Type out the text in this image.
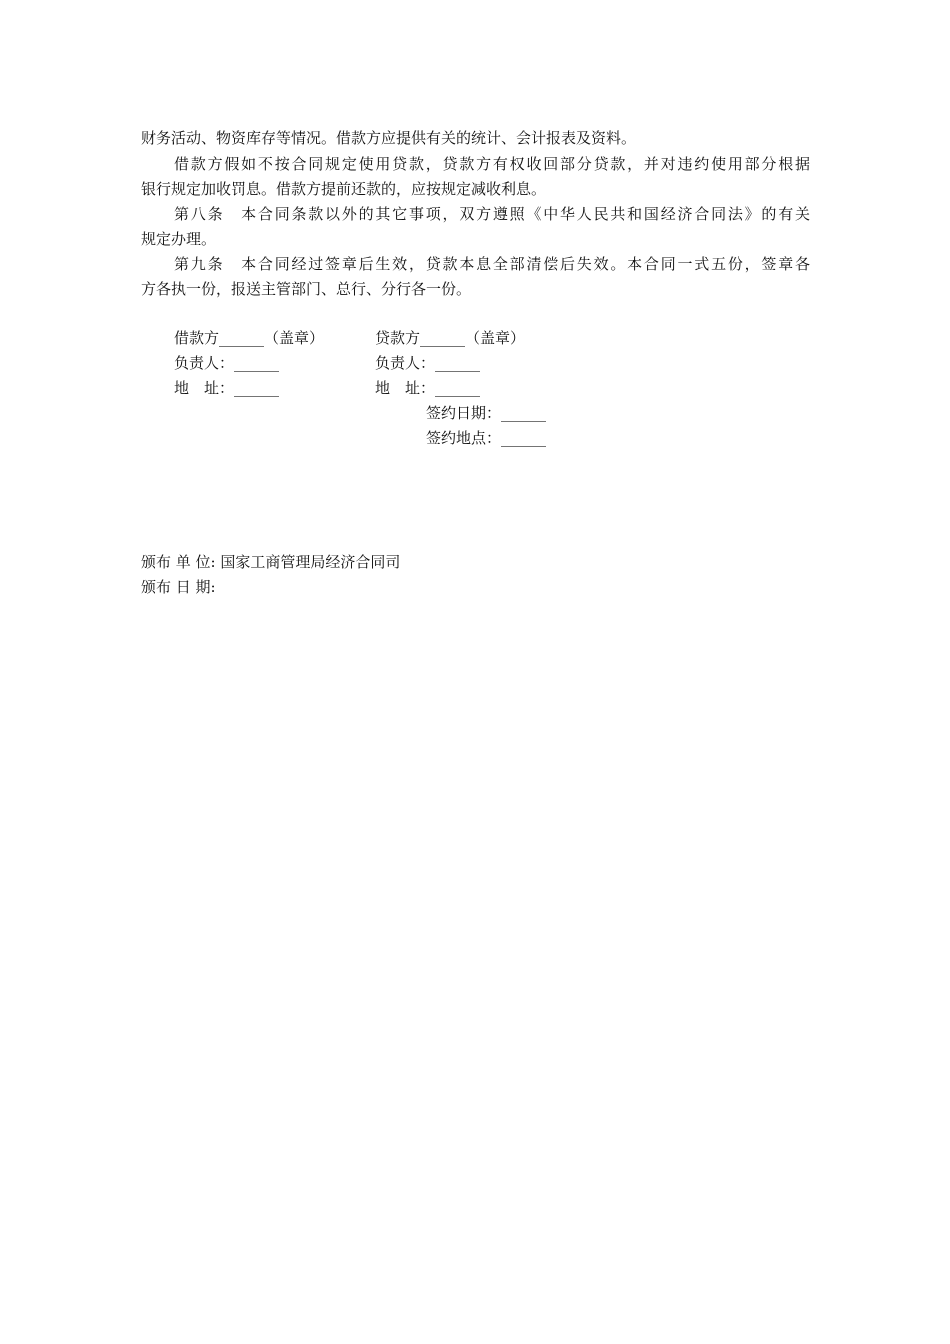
财务活动、物资库存等情况。借款方应提供有关的统计、会计报表及资料。
借款方假如不按合同规定使用贷款，贷款方有权收回部分贷款，并对违约使用部分根据
银行规定加收罚息。借款方提前还款的，应按规定减收利息。
第八条　本合同条款以外的其它事项，双方遵照《中华人民共和国经济合同法》的有关
规定办理。
第九条　本合同经过签章后生效，贷款本息全部清偿后失效。本合同一式五份，签章各
方各执一份，报送主管部门、总行、分行各一份。
借款方______（盖章）	贷款方______（盖章）
负责人：______	负责人：______
地　址：______	地　址：______
签约日期：______
签约地点：______
颁布 单 位: 国家工商管理局经济合同司
颁布 日 期:
